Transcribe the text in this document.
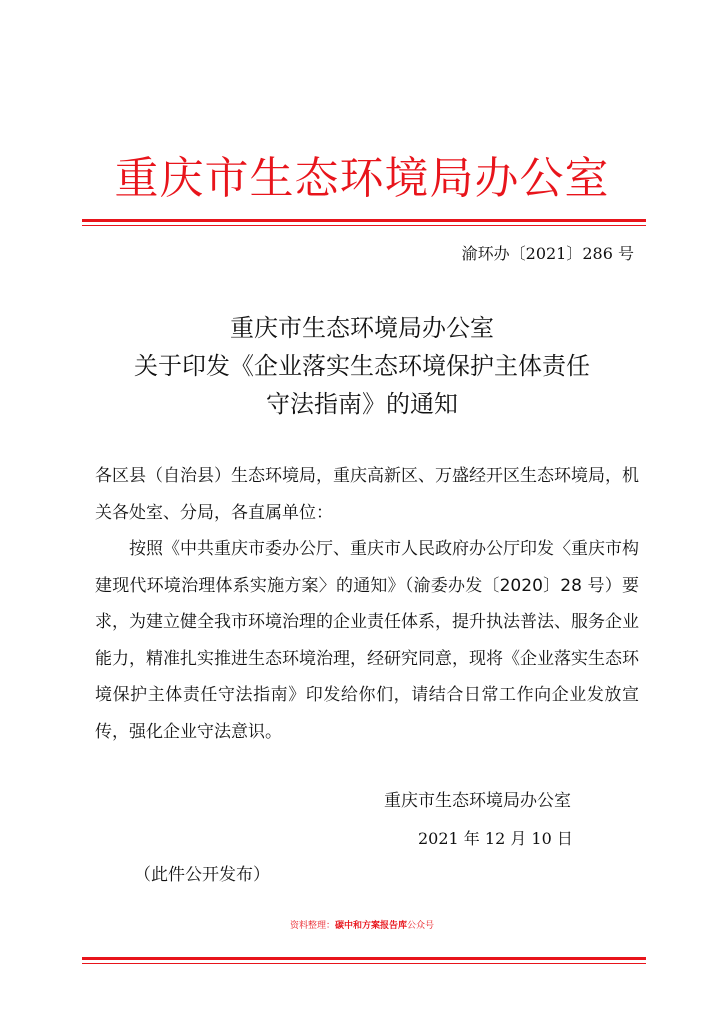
重庆市生态环境局办公室
渝环办〔2021〕286 号
重庆市生态环境局办公室
关于印发《企业落实生态环境保护主体责任
守法指南》的通知

各区县（自治县）生态环境局，重庆高新区、万盛经开区生态环境局，机关各处室、分局，各直属单位：

按照《中共重庆市委办公厅、重庆市人民政府办公厅印发〈重庆市构建现代环境治理体系实施方案〉的通知》（渝委办发〔2020〕28 号）要求，为建立健全我市环境治理的企业责任体系，提升执法普法、服务企业能力，精准扎实推进生态环境治理，经研究同意，现将《企业落实生态环境保护主体责任守法指南》印发给你们，请结合日常工作向企业发放宣传，强化企业守法意识。

重庆市生态环境局办公室
2021 年 12 月 10 日
（此件公开发布）
资料整理：碳中和方案报告库公众号
